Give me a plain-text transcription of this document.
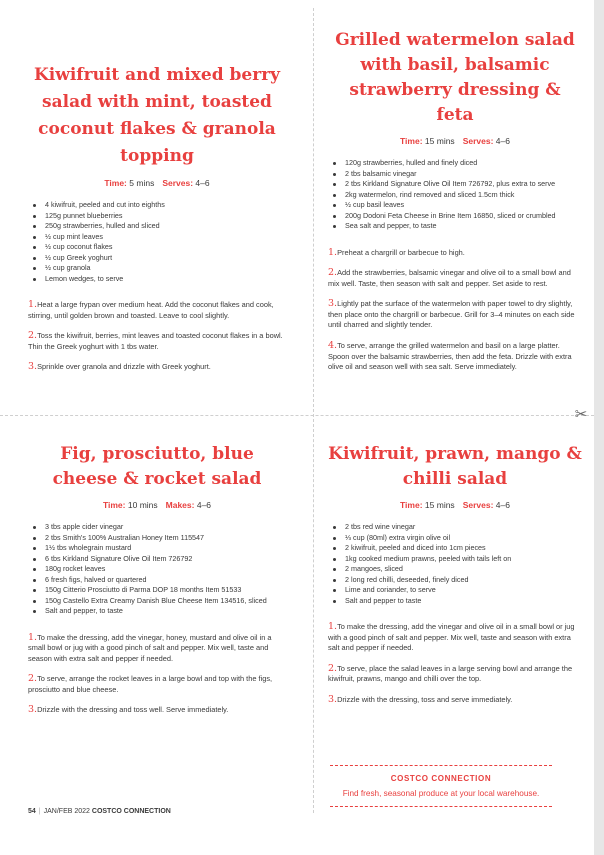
✂
Kiwifruit and mixed berry salad with mint, toasted coconut flakes & granola topping
Time: 5 mins Serves: 4–6
4 kiwifruit, peeled and cut into eighths
125g punnet blueberries
250g strawberries, hulled and sliced
½ cup mint leaves
½ cup coconut flakes
½ cup Greek yoghurt
½ cup granola
Lemon wedges, to serve

1.Heat a large frypan over medium heat. Add the coconut flakes and cook, stirring, until golden brown and toasted. Leave to cool slightly.

2.Toss the kiwifruit, berries, mint leaves and toasted coconut flakes in a bowl. Thin the Greek yoghurt with 1 tbs water.

3.Sprinkle over granola and drizzle with Greek yoghurt.

Grilled watermelon salad with basil, balsamic strawberry dressing & feta
Time: 15 mins Serves: 4–6
120g strawberries, hulled and finely diced
2 tbs balsamic vinegar
2 tbs Kirkland Signature Olive Oil Item 726792, plus extra to serve
2kg watermelon, rind removed and sliced 1.5cm thick
½ cup basil leaves
200g Dodoni Feta Cheese in Brine Item 16850, sliced or crumbled
Sea salt and pepper, to taste

1.Preheat a chargrill or barbecue to high.

2.Add the strawberries, balsamic vinegar and olive oil to a small bowl and mix well. Taste, then season with salt and pepper. Set aside to rest.

3.Lightly pat the surface of the watermelon with paper towel to dry slightly, then place onto the chargrill or barbecue. Grill for 3–4 minutes on each side until charred and slightly tender.

4.To serve, arrange the grilled watermelon and basil on a large platter. Spoon over the balsamic strawberries, then add the feta. Drizzle with extra olive oil and season well with sea salt. Serve immediately.

Fig, prosciutto, blue cheese & rocket salad
Time: 10 mins Makes: 4–6
3 tbs apple cider vinegar
2 tbs Smith's 100% Australian Honey Item 115547
1½ tbs wholegrain mustard
6 tbs Kirkland Signature Olive Oil Item 726792
180g rocket leaves
6 fresh figs, halved or quartered
150g Citterio Prosciutto di Parma DOP 18 months Item 51533
150g Castello Extra Creamy Danish Blue Cheese Item 134516, sliced
Salt and pepper, to taste

1.To make the dressing, add the vinegar, honey, mustard and olive oil in a small bowl or jug with a good pinch of salt and pepper. Mix well, taste and season with extra salt and pepper if needed.

2.To serve, arrange the rocket leaves in a large bowl and top with the figs, prosciutto and blue cheese.

3.Drizzle with the dressing and toss well. Serve immediately.

Kiwifruit, prawn, mango & chilli salad
Time: 15 mins Serves: 4–6
2 tbs red wine vinegar
⅓ cup (80ml) extra virgin olive oil
2 kiwifruit, peeled and diced into 1cm pieces
1kg cooked medium prawns, peeled with tails left on
2 mangoes, sliced
2 long red chilli, deseeded, finely diced
Lime and coriander, to serve
Salt and pepper to taste

1.To make the dressing, add the vinegar and olive oil in a small bowl or jug with a good pinch of salt and pepper. Mix well, taste and season with extra salt and pepper if needed.

2.To serve, place the salad leaves in a large serving bowl and arrange the kiwifruit, prawns, mango and chilli over the top.

3.Drizzle with the dressing, toss and serve immediately.

COSTCO CONNECTION
Find fresh, seasonal produce at your local warehouse.
54 | JAN/FEB 2022 COSTCO CONNECTION
